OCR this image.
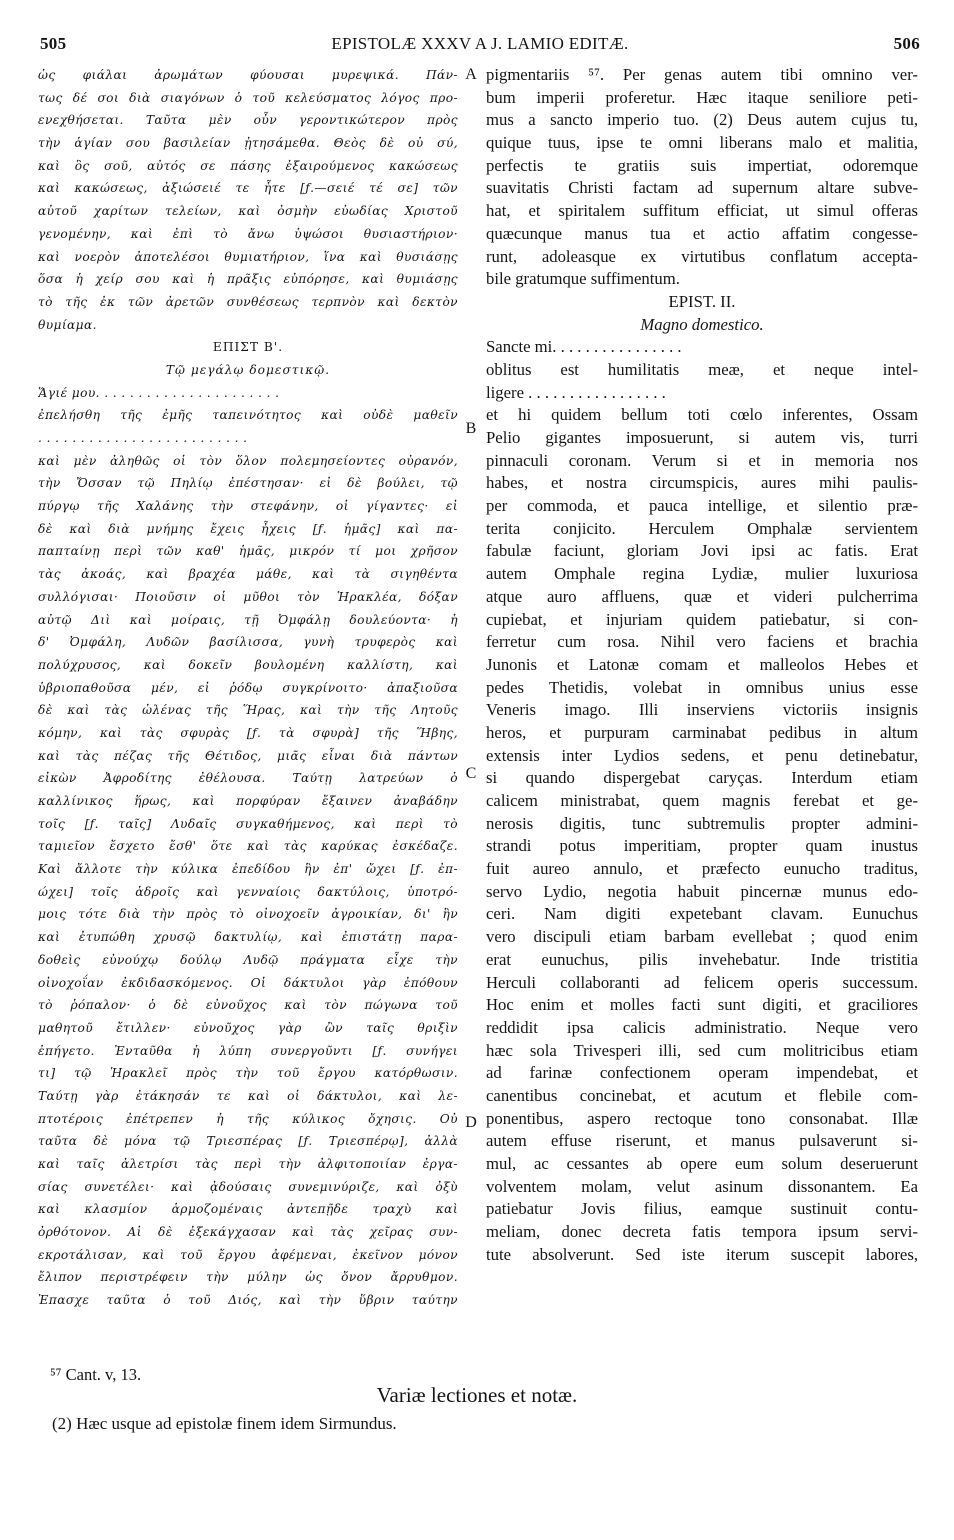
505	EPISTOLÆ XXXV A J. LAMIO EDITÆ.	506
ὡς φιάλαι ἀρωμάτων φύουσαι μυρεψικά. Πάν-
τως δέ σοι διὰ σιαγόνων ὁ τοῦ κελεύσματος λόγος προ-
ενεχθήσεται. Ταῦτα μὲν οὖν γεροντικώτερον πρὸς
τὴν ἁγίαν σου βασιλείαν ᾐτησάμεθα. Θεὸς δὲ οὐ σύ,
καὶ ὃς σοῦ, αὐτός σε πάσης ἐξαιρούμενος κακώσεως
καὶ κακώσεως, ἀξιώσειέ τε ἧτε [ƒ.—σειέ τέ σε] τῶν
αὐτοῦ χαρίτων τελείων, καὶ ὀσμὴν εὐωδίας Χριστοῦ
γενομένην, καὶ ἐπὶ τὸ ἄνω ὑψώσοι θυσιαστήριον·
καὶ νοερὸν ἀποτελέσοι θυμιατήριον, ἵνα καὶ θυσιάσῃς
ὅσα ἡ χείρ σου καὶ ἡ πρᾶξις εὐπόρησε, καὶ θυμιάσῃς
τὸ τῆς ἐκ τῶν ἀρετῶν συνθέσεως τερπνὸν καὶ δεκτὸν
θυμίαμα.
ΕΠΙΣΤ Β'.
Τῷ μεγάλῳ δομεστικῷ.
Ἅγιέ μου. . . . . . . . . . . . . . . . . . . . . .
ἐπελήσθη τῆς ἐμῆς ταπεινότητος καὶ οὐδὲ μαθεῖν
. . . . . . . . . . . . . . . . . . . . . . . . .
καὶ μὲν ἀληθῶς οἱ τὸν ὅλον πολεμησείοντες οὐρανόν,
τὴν Ὄσσαν τῷ Πηλίῳ ἐπέστησαν· εἰ δὲ βούλει, τῷ
πύργῳ τῆς Χαλάνης τὴν στεφάνην, οἱ γίγαντες· εἰ
δὲ καὶ διὰ μνήμης ἔχεις ἦχεις [ƒ. ἡμᾶς] καὶ πα-
παπταίνῃ περὶ τῶν καθ' ἡμᾶς, μικρόν τί μοι χρῆσον
τὰς ἀκοάς, καὶ βραχέα μάθε, καὶ τὰ σιγηθέντα
συλλόγισαι· Ποιοῦσιν οἱ μῦθοι τὸν Ἡρακλέα, δόξαν
αὐτῷ Διὶ καὶ μοίραις, τῇ Ὀμφάλῃ δουλεύοντα· ἡ
δ' Ὀμφάλη, Λυδῶν βασίλισσα, γυνὴ τρυφερὸς καὶ
πολύχρυσος, καὶ δοκεῖν βουλομένη καλλίστη, καὶ
ὑβριοπαθοῦσα μέν, εἰ ῥόδῳ συγκρίνοιτο· ἀπαξιοῦσα
δὲ καὶ τὰς ὠλένας τῆς Ἥρας, καὶ τὴν τῆς Λητοῦς
κόμην, καὶ τὰς σφυρὰς [ƒ. τὰ σφυρὰ] τῆς Ἥβης,
καὶ τὰς πέζας τῆς Θέτιδος, μιᾶς εἶναι διὰ πάντων
εἰκὼν Ἀφροδίτης ἐθέλουσα. Ταύτῃ λατρεύων ὁ
καλλίνικος ἥρως, καὶ πορφύραν ἔξαινεν ἀναβάδην
τοῖς [ƒ. ταῖς] Λυδαῖς συγκαθήμενος, καὶ περὶ τὸ
ταμιεῖον ἔσχετο ἔσθ' ὅτε καὶ τὰς καρύκας ἐσκέδαζε.
Καὶ ἄλλοτε τὴν κύλικα ἐπεδίδου ἣν ἐπ' ὤχει [ƒ. ἐπ-
ώχει] τοῖς ἁδροῖς καὶ γενναίοις δακτύλοις, ὑποτρό-
μοις τότε διὰ τὴν πρὸς τὸ οἰνοχοεῖν ἀγροικίαν, δι' ἣν
καὶ ἐτυπώθη χρυσῷ δακτυλίῳ, καὶ ἐπιστάτῃ παρα-
δοθεὶς εὐνούχῳ δούλῳ Λυδῷ πράγματα εἶχε τὴν
οἰνοχοΐαν ἐκδιδασκόμενος. Οἱ δάκτυλοι γὰρ ἐπόθουν
τὸ ῥόπαλον· ὁ δὲ εὐνοῦχος καὶ τὸν πώγωνα τοῦ
μαθητοῦ ἔτιλλεν· εὐνοῦχος γὰρ ὢν ταῖς θριξὶν
ἐπήγετο. Ἐνταῦθα ἡ λύπη συνεργοῦντι [ƒ. συνήγει
τι] τῷ Ἡρακλεῖ πρὸς τὴν τοῦ ἔργου κατόρθωσιν.
Ταύτῃ γὰρ ἐτάκησάν τε καὶ οἱ δάκτυλοι, καὶ λε-
πτοτέροις ἐπέτρεπεν ἡ τῆς κύλικος ὄχησις. Οὐ
ταῦτα δὲ μόνα τῷ Τριεσπέρας [ƒ. Τριεσπέρῳ], ἀλλὰ
καὶ ταῖς ἀλετρίσι τὰς περὶ τὴν ἀλφιτοποιίαν ἐργα-
σίας συνετέλει· καὶ ᾀδούσαις συνεμινύριζε, καὶ ὀξὺ
καὶ κλασμίον ἁρμοζομέναις ἀντεπῇδε τραχὺ καὶ
ὀρθότονον. Αἱ δὲ ἐξεκάγχασαν καὶ τὰς χεῖρας συν-
εκροτάλισαν, καὶ τοῦ ἔργου ἀφέμεναι, ἐκεῖνον μόνον
ἔλιπον περιστρέφειν τὴν μύλην ὡς ὄνον ἄρρυθμον.
Ἐπασχε ταῦτα ὁ τοῦ Διός, καὶ τὴν ὕβριν ταύτην
pigmentariis ⁵⁷. Per genas autem tibi omnino ver-
bum imperii proferetur. Hæc itaque seniliore peti-
mus a sancto imperio tuo. (2) Deus autem cujus tu,
quique tuus, ipse te omni liberans malo et malitia,
perfectis te gratiis suis impertiat, odoremque
suavitatis Christi factam ad supernum altare subve-
hat, et spiritalem suffitum efficiat, ut simul offeras
quæcunque manus tua et actio affatim congesse-
runt, adoleasque ex virtutibus conflatum accepta-
bile gratumque suffimentum.
EPIST. II.
Magno domestico.
Sancte mi. . . . . . . . . . . . . . . .
oblitus est humilitatis meæ, et neque intel-
ligere . . . . . . . . . . . . . . . . .
et hi quidem bellum toti cœlo inferentes, Ossam
Pelio gigantes imposuerunt, si autem vis, turri
pinnaculi coronam. Verum si et in memoria nos
habes, et nostra circumspicis, aures mihi paulis-
per commoda, et pauca intellige, et silentio præ-
terita conjicito. Herculem Omphalæ servientem
fabulæ faciunt, gloriam Jovi ipsi ac fatis. Erat
autem Omphale regina Lydiæ, mulier luxuriosa
atque auro affluens, quæ et videri pulcherrima
cupiebat, et injuriam quidem patiebatur, si con-
ferretur cum rosa. Nihil vero faciens et brachia
Junonis et Latonæ comam et malleolos Hebes et
pedes Thetidis, volebat in omnibus unius esse
Veneris imago. Illi inserviens victoriis insignis
heros, et purpuram carminabat pedibus in altum
extensis inter Lydios sedens, et penu detinebatur,
si quando dispergebat caryças. Interdum etiam
calicem ministrabat, quem magnis ferebat et ge-
nerosis digitis, tunc subtremulis propter admini-
strandi potus imperitiam, propter quam inustus
fuit aureo annulo, et præfecto eunucho traditus,
servo Lydio, negotia habuit pincernæ munus edo-
ceri. Nam digiti expetebant clavam. Eunuchus
vero discipuli etiam barbam evellebat ; quod enim
erat eunuchus, pilis invehebatur. Inde tristitia
Herculi collaboranti ad felicem operis successum.
Hoc enim et molles facti sunt digiti, et graciliores
reddidit ipsa calicis administratio. Neque vero
hæc sola Trivesperi illi, sed cum molitricibus etiam
ad farinæ confectionem operam impendebat, et
canentibus concinebat, et acutum et flebile com-
ponentibus, aspero rectoque tono consonabat. Illæ
autem effuse riserunt, et manus pulsaverunt si-
mul, ac cessantes ab opere eum solum deseruerunt
volventem molam, velut asinum dissonantem. Ea
patiebatur Jovis filius, eamque sustinuit contu-
meliam, donec decreta fatis tempora ipsum servi-
tute absolverunt. Sed iste iterum suscepit labores,
A
B
C
D
⁵⁷ Cant. v, 13.
Variæ lectiones et notæ.
(2) Hæc usque ad epistolæ finem idem Sirmundus.
